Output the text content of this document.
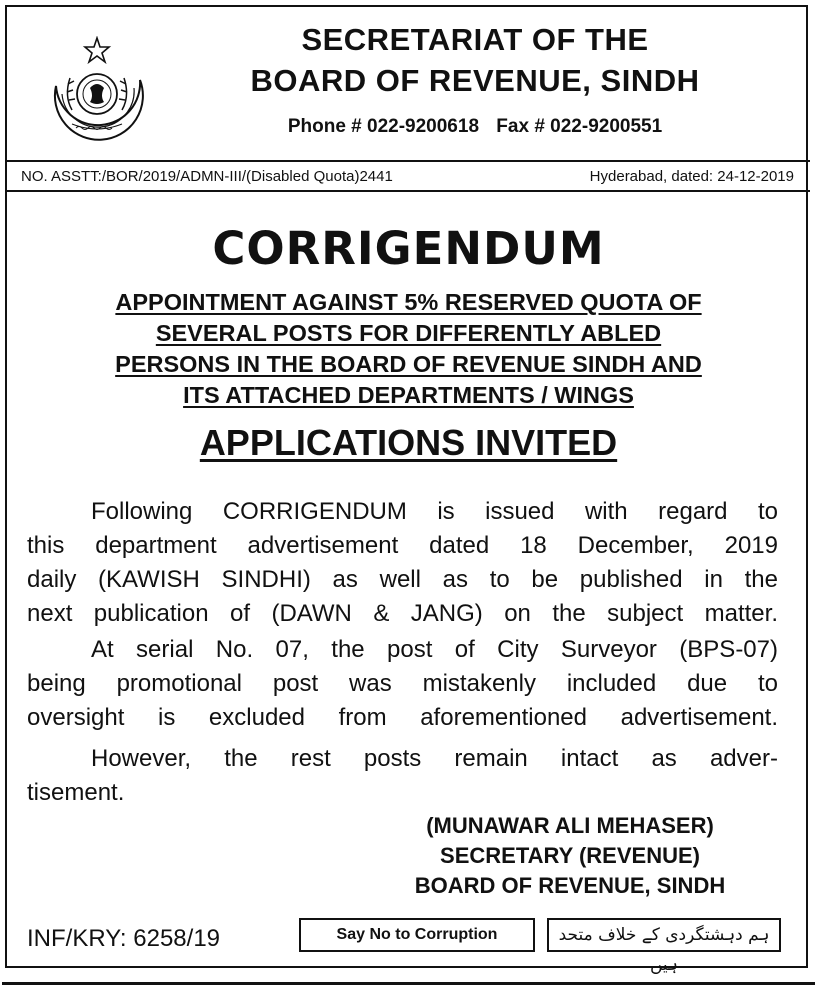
SECRETARIAT OF THE
BOARD OF REVENUE, SINDH
Phone # 022-9200618 Fax # 022-9200551
NO. ASSTT:/BOR/2019/ADMN-III/(Disabled Quota)2441	Hyderabad, dated: 24-12-2019
CORRIGENDUM
APPOINTMENT AGAINST 5% RESERVED QUOTA OF
SEVERAL POSTS FOR DIFFERENTLY ABLED
PERSONS IN THE BOARD OF REVENUE SINDH AND
ITS ATTACHED DEPARTMENTS / WINGS
APPLICATIONS INVITED
Following CORRIGENDUM is issued with regard to
this department advertisement dated 18 December, 2019
daily (KAWISH SINDHI) as well as to be published in the
next publication of (DAWN & JANG) on the subject matter.
At serial No. 07, the post of City Surveyor (BPS-07)
being promotional post was mistakenly included due to
oversight is excluded from aforementioned advertisement.
However, the rest posts remain intact as adver-
tisement.
(MUNAWAR ALI MEHASER)
SECRETARY (REVENUE)
BOARD OF REVENUE, SINDH
INF/KRY: 6258/19	Say No to Corruption	ہم دہشتگردی کے خلاف متحد ہیں
